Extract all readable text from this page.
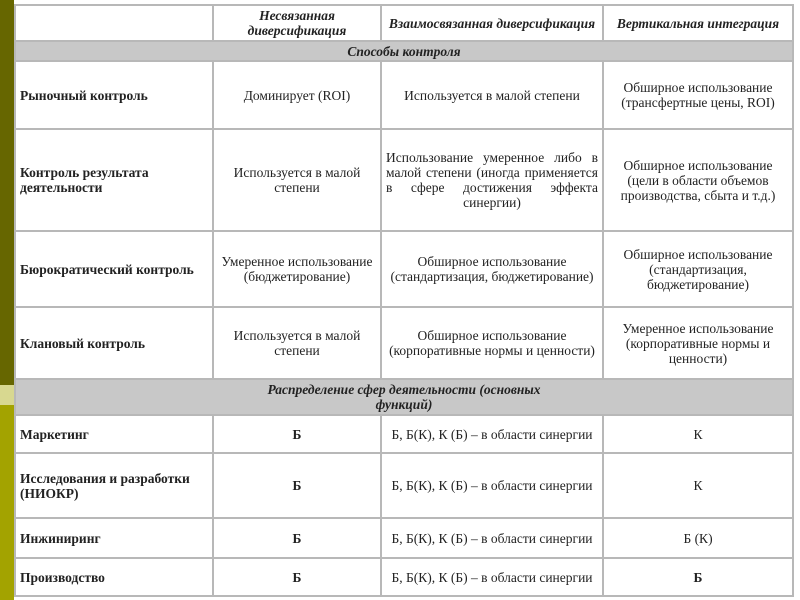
	Несвязанная диверсификация	Взаимосвязанная диверсификация	Вертикальная интеграция
Способы контроля			
Рыночный контроль	Доминирует (ROI)	Используется в малой степени	Обширное использование (трансфертные цены, ROI)
Контроль результата деятельности	Используется в малой степени	Использование умеренное либо в малой степени (иногда применяется в сфере достижения эффекта синергии)	Обширное использование (цели в области объемов производства, сбыта и т.д.)
Бюрократический контроль	Умеренное использование (бюджетирование)	Обширное использование (стандартизация, бюджетирование)	Обширное использование (стандартизация, бюджетирование)
Клановый контроль	Используется в малой степени	Обширное использование (корпоративные нормы и ценности)	Умеренное использование (корпоративные нормы и ценности)
Распределение сфер деятельности (основных функций)			
Маркетинг	Б	Б, Б(К), К (Б) – в области синергии	К
Исследования и разработки (НИОКР)	Б	Б, Б(К), К (Б) – в области синергии	К
Инжиниринг	Б	Б, Б(К), К (Б) – в области синергии	Б (К)
Производство	Б	Б, Б(К), К (Б) – в области синергии	Б
